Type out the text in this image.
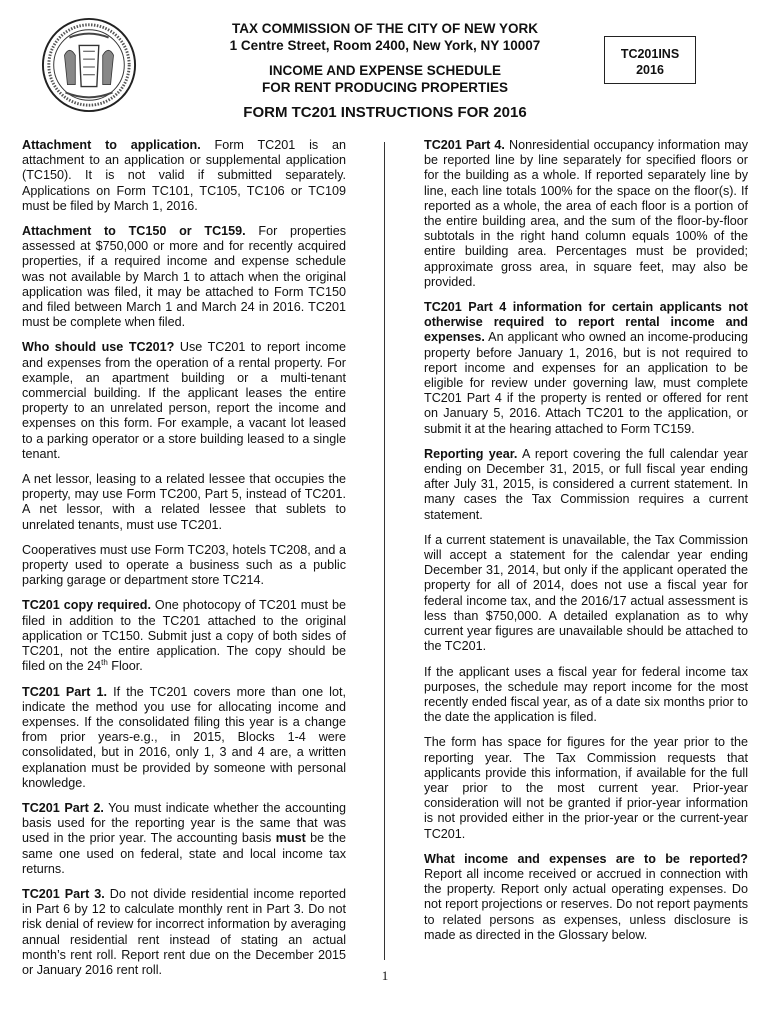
TAX COMMISSION OF THE CITY OF NEW YORK
1 Centre Street, Room 2400, New York, NY 10007
INCOME AND EXPENSE SCHEDULE
FOR RENT PRODUCING PROPERTIES
TC201INS
2016
FORM TC201 INSTRUCTIONS FOR 2016

Attachment to application. Form TC201 is an attachment to an application or supplemental application (TC150). It is not valid if submitted separately. Applications on Form TC101, TC105, TC106 or TC109 must be filed by March 1, 2016.

Attachment to TC150 or TC159. For properties assessed at $750,000 or more and for recently acquired properties, if a required income and expense schedule was not available by March 1 to attach when the original application was filed, it may be attached to Form TC150 and filed between March 1 and March 24 in 2016. TC201 must be complete when filed.

Who should use TC201? Use TC201 to report income and expenses from the operation of a rental property. For example, an apartment building or a multi-tenant commercial building. If the applicant leases the entire property to an unrelated person, report the income and expenses on this form. For example, a vacant lot leased to a parking operator or a store building leased to a single tenant.

A net lessor, leasing to a related lessee that occupies the property, may use Form TC200, Part 5, instead of TC201. A net lessor, with a related lessee that sublets to unrelated tenants, must use TC201.

Cooperatives must use Form TC203, hotels TC208, and a property used to operate a business such as a public parking garage or department store TC214.

TC201 copy required. One photocopy of TC201 must be filed in addition to the TC201 attached to the original application or TC150. Submit just a copy of both sides of TC201, not the entire application. The copy should be filed on the 24th Floor.

TC201 Part 1. If the TC201 covers more than one lot, indicate the method you use for allocating income and expenses. If the consolidated filing this year is a change from prior years-e.g., in 2015, Blocks 1-4 were consolidated, but in 2016, only 1, 3 and 4 are, a written explanation must be provided by someone with personal knowledge.

TC201 Part 2. You must indicate whether the accounting basis used for the reporting year is the same that was used in the prior year. The accounting basis must be the same one used on federal, state and local income tax returns.

TC201 Part 3. Do not divide residential income reported in Part 6 by 12 to calculate monthly rent in Part 3. Do not risk denial of review for incorrect information by averaging annual residential rent instead of stating an actual month’s rent roll. Report rent due on the December 2015 or January 2016 rent roll.

TC201 Part 4. Nonresidential occupancy information may be reported line by line separately for specified floors or for the building as a whole. If reported separately line by line, each line totals 100% for the space on the floor(s). If reported as a whole, the area of each floor is a portion of the entire building area, and the sum of the floor-by-floor subtotals in the right hand column equals 100% of the entire building area. Percentages must be provided; approximate gross area, in square feet, may also be provided.

TC201 Part 4 information for certain applicants not otherwise required to report rental income and expenses. An applicant who owned an income-producing property before January 1, 2016, but is not required to report income and expenses for an application to be eligible for review under governing law, must complete TC201 Part 4 if the property is rented or offered for rent on January 5, 2016. Attach TC201 to the application, or submit it at the hearing attached to Form TC159.

Reporting year. A report covering the full calendar year ending on December 31, 2015, or full fiscal year ending after July 31, 2015, is considered a current statement. In many cases the Tax Commission requires a current statement.

If a current statement is unavailable, the Tax Commission will accept a statement for the calendar year ending December 31, 2014, but only if the applicant operated the property for all of 2014, does not use a fiscal year for federal income tax, and the 2016/17 actual assessment is less than $750,000. A detailed explanation as to why current year figures are unavailable should be attached to the TC201.

If the applicant uses a fiscal year for federal income tax purposes, the schedule may report income for the most recently ended fiscal year, as of a date six months prior to the date the application is filed.

The form has space for figures for the year prior to the reporting year. The Tax Commission requests that applicants provide this information, if available for the full year prior to the most current year. Prior-year consideration will not be granted if prior-year information is not provided either in the prior-year or the current-year TC201.

What income and expenses are to be reported? Report all income received or accrued in connection with the property. Report only actual operating expenses. Do not report projections or reserves. Do not report payments to related persons as expenses, unless disclosure is made as directed in the Glossary below.

1
